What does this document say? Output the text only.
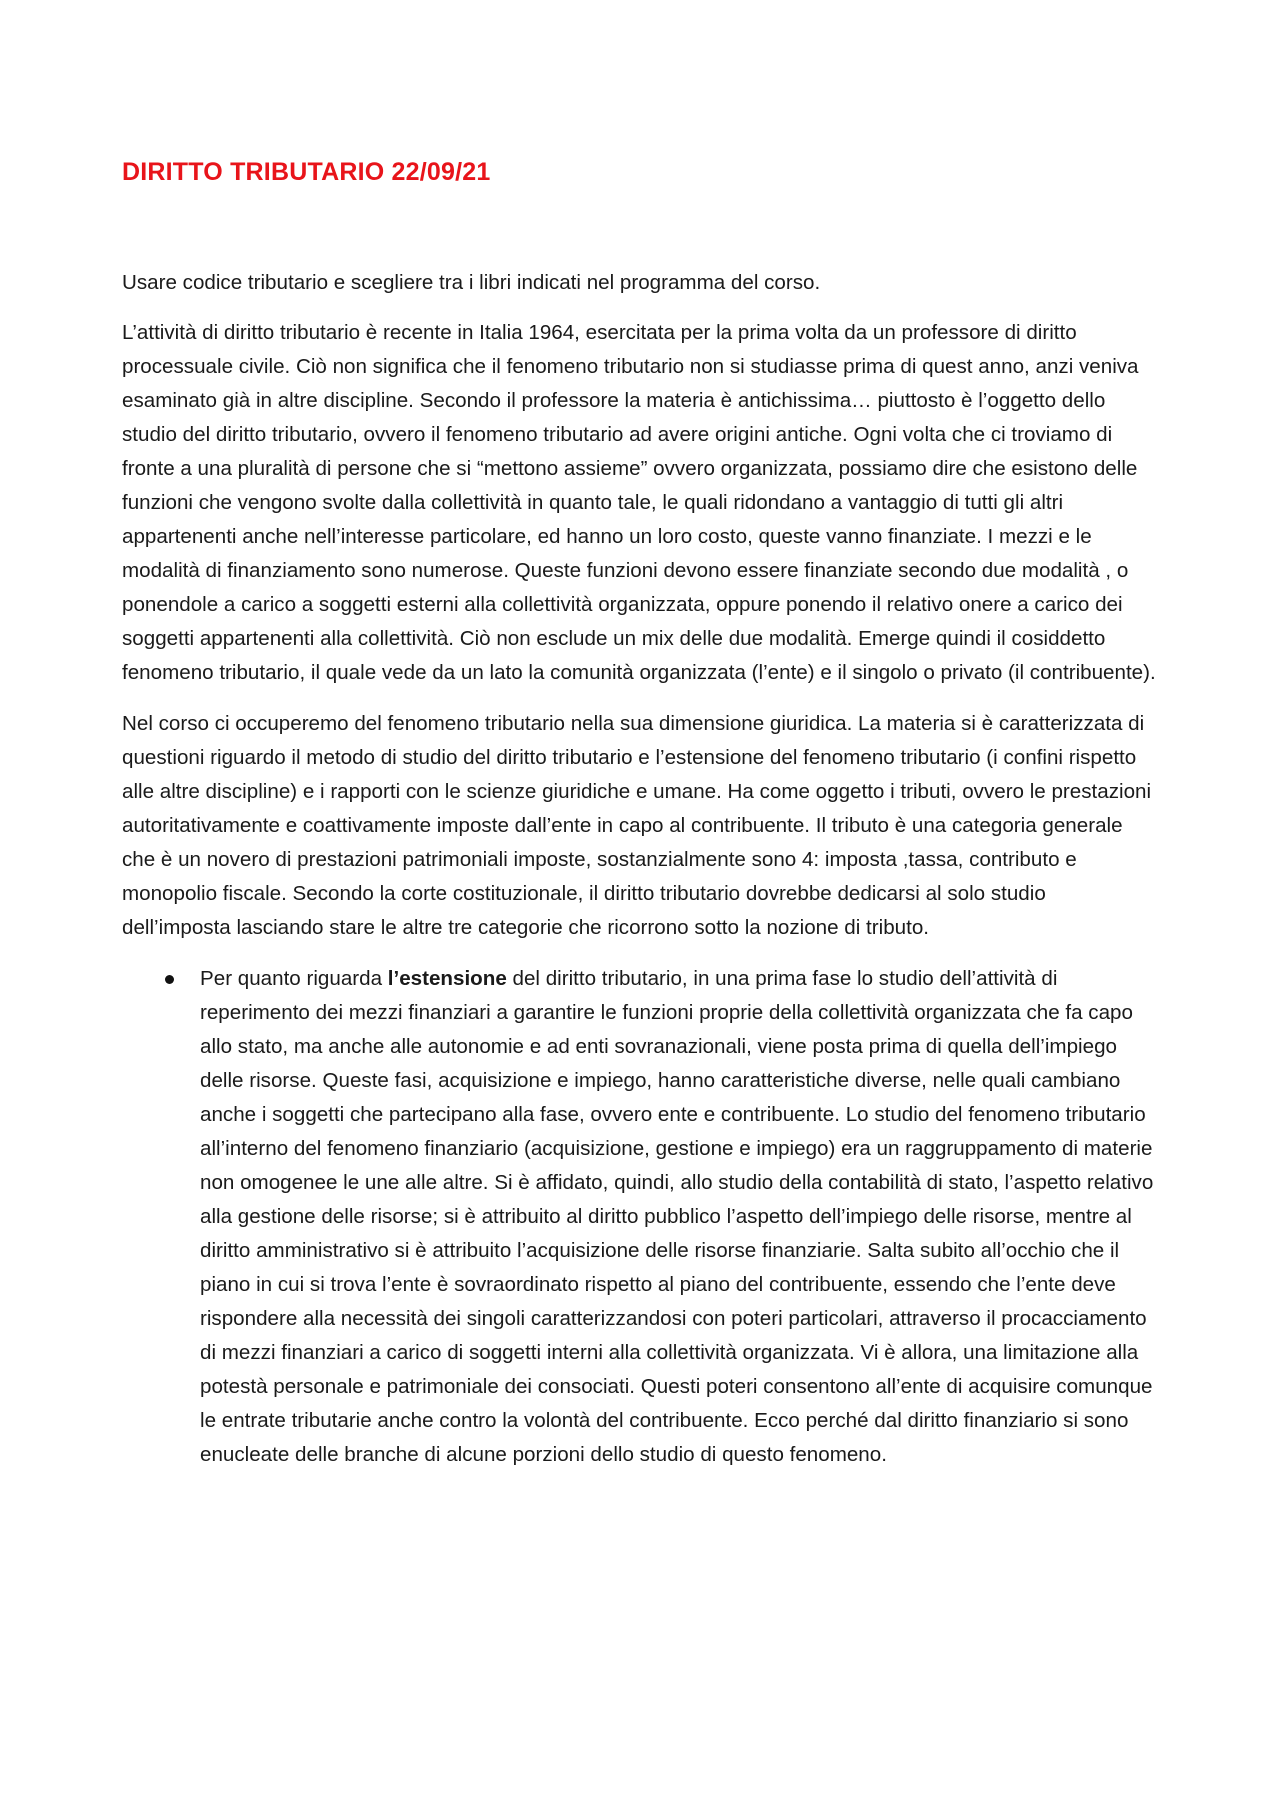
DIRITTO TRIBUTARIO 22/09/21

Usare codice tributario e scegliere tra i libri indicati nel programma del corso.

L’attività di diritto tributario è recente in Italia 1964, esercitata per la prima volta da un professore di diritto processuale civile. Ciò non significa che il fenomeno tributario non si studiasse prima di quest anno, anzi veniva esaminato già in altre discipline. Secondo il professore la materia è antichissima… piuttosto è l’oggetto dello studio del diritto tributario, ovvero il fenomeno tributario ad avere origini antiche. Ogni volta che ci troviamo di fronte a una pluralità di persone che si “mettono assieme” ovvero organizzata, possiamo dire che esistono delle funzioni che vengono svolte dalla collettività in quanto tale, le quali ridondano a vantaggio di tutti gli altri appartenenti anche nell’interesse particolare, ed hanno un loro costo, queste vanno finanziate. I mezzi e le modalità di finanziamento sono numerose. Queste funzioni devono essere finanziate secondo due modalità , o ponendole a carico a soggetti esterni alla collettività organizzata, oppure ponendo il relativo onere a carico dei soggetti appartenenti alla collettività. Ciò non esclude un mix delle due modalità. Emerge quindi il cosiddetto fenomeno tributario, il quale vede da un lato la comunità organizzata (l’ente) e il singolo o privato (il contribuente).

Nel corso ci occuperemo del fenomeno tributario nella sua dimensione giuridica. La materia si è caratterizzata di questioni riguardo il metodo di studio del diritto tributario e l’estensione del fenomeno tributario (i confini rispetto alle altre discipline) e i rapporti con le scienze giuridiche e umane. Ha come oggetto i tributi, ovvero le prestazioni autoritativamente e coattivamente imposte dall’ente in capo al contribuente. Il tributo è una categoria generale che è un novero di prestazioni patrimoniali imposte, sostanzialmente sono 4: imposta ,tassa, contributo e monopolio fiscale. Secondo la corte costituzionale, il diritto tributario dovrebbe dedicarsi al solo studio dell’imposta lasciando stare le altre tre categorie che ricorrono sotto la nozione di tributo.

Per quanto riguarda l’estensione del diritto tributario, in una prima fase lo studio dell’attività di reperimento dei mezzi finanziari a garantire le funzioni proprie della collettività organizzata che fa capo allo stato, ma anche alle autonomie e ad enti sovranazionali, viene posta prima di quella dell’impiego delle risorse. Queste fasi, acquisizione e impiego, hanno caratteristiche diverse, nelle quali cambiano anche i soggetti che partecipano alla fase, ovvero ente e contribuente. Lo studio del fenomeno tributario all’interno del fenomeno finanziario (acquisizione, gestione e impiego) era un raggruppamento di materie non omogenee le une alle altre. Si è affidato, quindi, allo studio della contabilità di stato, l’aspetto relativo alla gestione delle risorse; si è attribuito al diritto pubblico l’aspetto dell’impiego delle risorse, mentre al diritto amministrativo si è attribuito l’acquisizione delle risorse finanziarie. Salta subito all’occhio che il piano in cui si trova l’ente è sovraordinato rispetto al piano del contribuente, essendo che l’ente deve rispondere alla necessità dei singoli caratterizzandosi con poteri particolari, attraverso il procacciamento di mezzi finanziari a carico di soggetti interni alla collettività organizzata. Vi è allora, una limitazione alla potestà personale e patrimoniale dei consociati. Questi poteri consentono all’ente di acquisire comunque le entrate tributarie anche contro la volontà del contribuente. Ecco perché dal diritto finanziario si sono enucleate delle branche di alcune porzioni dello studio di questo fenomeno.
